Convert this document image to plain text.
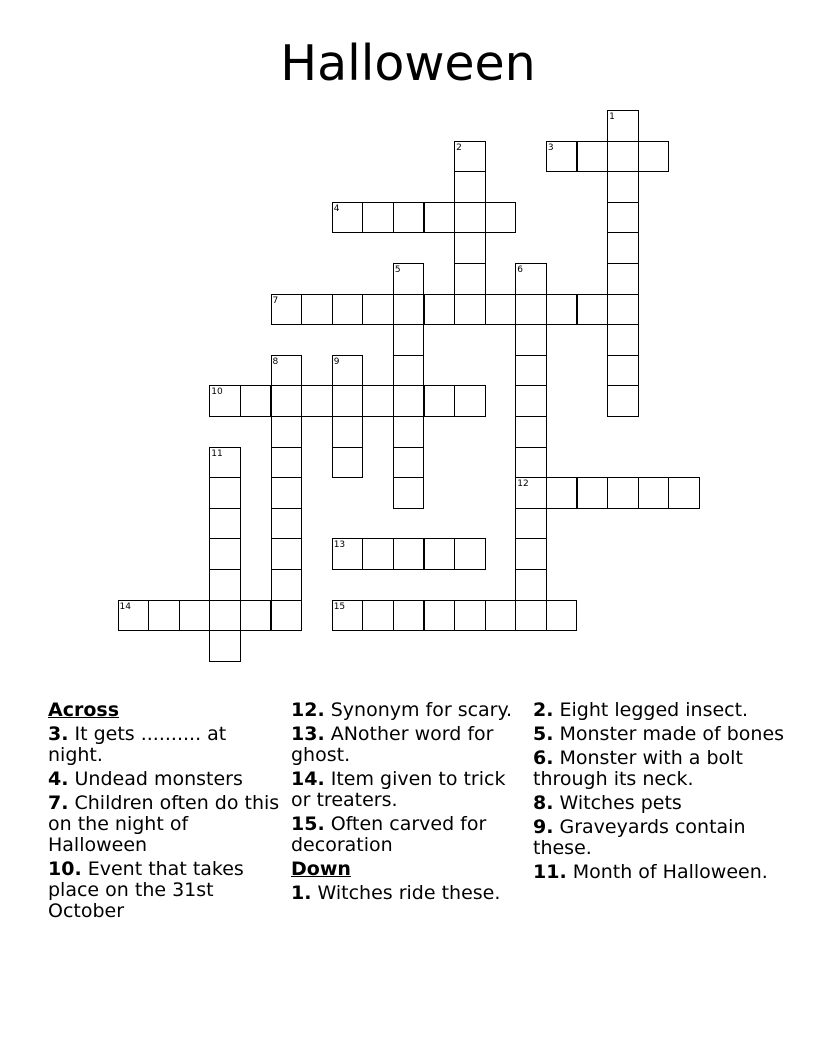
Halloween
1
2	3
4
5	6
7
8	9
10
11
12
13
14	15
Across
3. It gets .......... at night.
4. Undead monsters
7. Children often do this on the night of Halloween
10. Event that takes place on the 31st October
12. Synonym for scary.
13. ANother word for ghost.
14. Item given to trick or treaters.
15. Often carved for decoration
Down
1. Witches ride these.
2. Eight legged insect.
5. Monster made of bones
6. Monster with a bolt through its neck.
8. Witches pets
9. Graveyards contain these.
11. Month of Halloween.
